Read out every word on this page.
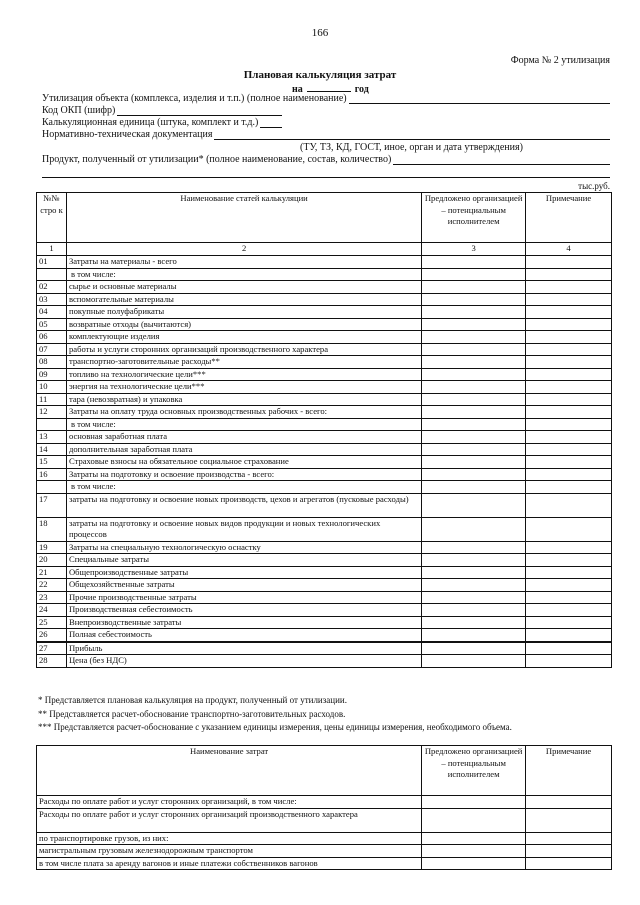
166
Форма № 2 утилизация
Плановая калькуляция затрат
на	год
Утилизация объекта (комплекса, изделия и т.п.) (полное наименование)
Код ОКП (шифр)
Калькуляционная единица (штука, комплект и т.д.)
Нормативно-техническая документация
(ТУ, ТЗ, КД, ГОСТ, иное, орган и дата утверждения)
Продукт, полученный от утилизации* (полное наименование, состав, количество)
тыс.руб.
№№ стро к	Наименование статей калькуляции	Предложено организацией – потенциальным исполнителем	Примечание
1	2	3	4
01	Затраты на материалы - всего		
	в том числе:		
02	сырье и основные материалы		
03	вспомогательные материалы		
04	покупные полуфабрикаты		
05	возвратные отходы (вычитаются)		
06	комплектующие изделия		
07	работы и услуги сторонних организаций производственного характера		
08	транспортно-заготовительные расходы**		
09	топливо на технологические цели***		
10	энергия на технологические цели***		
11	тара (невозвратная) и упаковка		
12	Затраты на оплату труда основных производственных рабочих - всего:		
	в том числе:		
13	основная заработная плата		
14	дополнительная заработная плата		
15	Страховые взносы на обязательное социальное страхование		
16	Затраты на подготовку и освоение производства - всего:		
	в том числе:		
17	затраты на подготовку и освоение новых производств, цехов и агрегатов (пусковые расходы)		
18	затраты на подготовку и освоение новых видов продукции и новых технологических процессов		
19	Затраты на специальную технологическую оснастку		
20	Специальные затраты		
21	Общепроизводственные затраты		
22	Общехозяйственные затраты		
23	Прочие производственные затраты		
24	Производственная себестоимость		
25	Внепроизводственные затраты		
26	Полная себестоимость		
27	Прибыль		
28	Цена (без НДС)		
* Представляется плановая калькуляция на продукт, полученный от утилизации.
** Представляется расчет-обоснование транспортно-заготовительных расходов.
*** Представляется расчет-обоснование с указанием единицы измерения, цены единицы измерения, необходимого объема.
Наименование затрат	Предложено организацией – потенциальным исполнителем	Примечание
Расходы по оплате работ и услуг сторонних организаций, в том числе:		
Расходы по оплате работ и услуг сторонних организаций производственного характера		
по транспортировке грузов, из них:		
магистральным грузовым железнодорожным транспортом		
в том числе плата за аренду вагонов и иные платежи собственников вагонов		
